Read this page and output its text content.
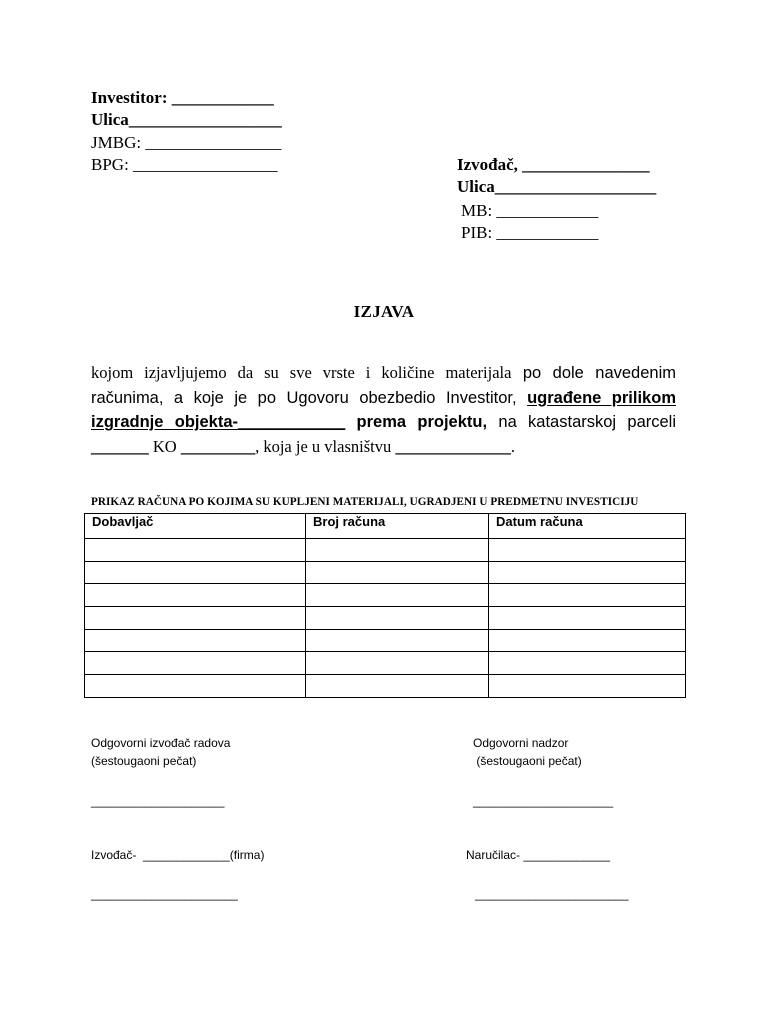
Investitor: ____________
Ulica__________________
JMBG: ________________
BPG: _________________	Izvođač, _______________
Ulica___________________
MB: ____________
PIB: ____________
IZJAVA
kojom izjavljujemo da su sve vrste i količine materijala po dole navedenim računima, a koje je po Ugovoru obezbedio Investitor, ugrađene prilikom izgradnje objekta-_____________ prema projektu, na katastarskoj parceli _______ KO _________, koja je u vlasništvu ______________.
PRIKAZ RAČUNA PO KOJIMA SU KUPLJENI MATERIJALI, UGRADJENI U PREDMETNU INVESTICIJU
Dobavljač	Broj računa	Datum računa

Odgovorni izvođač radova
(šestougaoni pečat)
____________________
Odgovorni nadzor
(šestougaoni pečat)
_____________________
Izvođač-  _____________(firma)	Naručilac- _____________
______________________	_______________________
